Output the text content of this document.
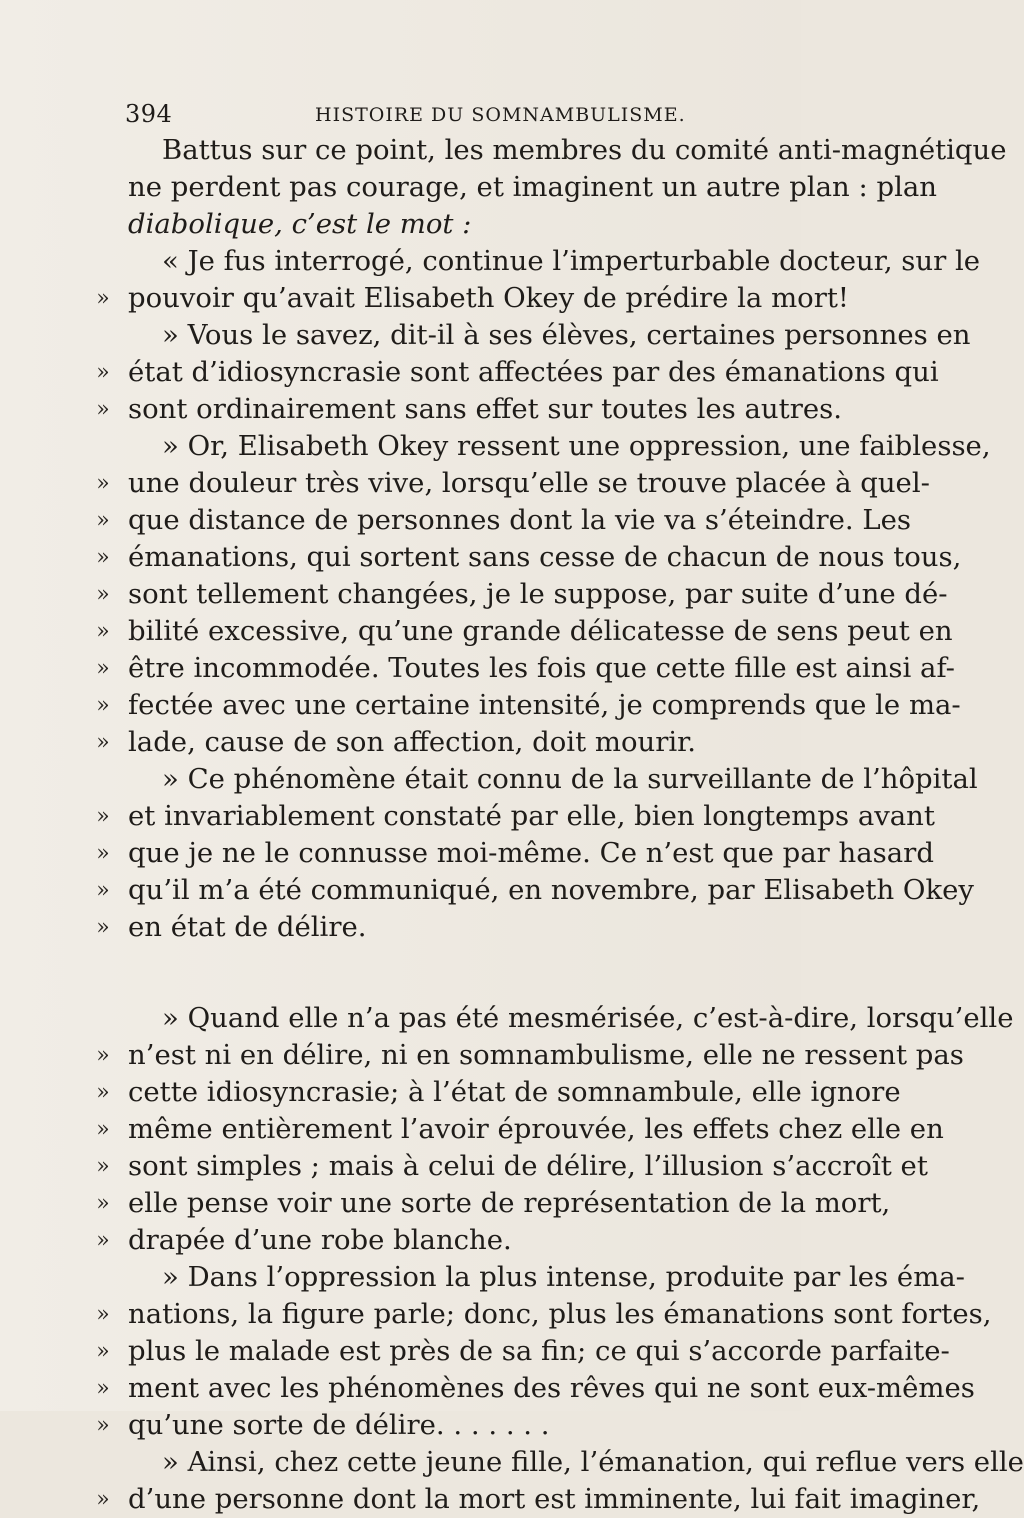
394	HISTOIRE DU SOMNAMBULISME.
Battus sur ce point, les membres du comité anti-magnétique
ne perdent pas courage, et imaginent un autre plan : plan
diabolique, c’est le mot :
« Je fus interrogé, continue l’imperturbable docteur, sur le
» pouvoir qu’avait Elisabeth Okey de prédire la mort!
» Vous le savez, dit-il à ses élèves, certaines personnes en
» état d’idiosyncrasie sont affectées par des émanations qui
» sont ordinairement sans effet sur toutes les autres.
» Or, Elisabeth Okey ressent une oppression, une faiblesse,
» une douleur très vive, lorsqu’elle se trouve placée à quel-
» que distance de personnes dont la vie va s’éteindre. Les
» émanations, qui sortent sans cesse de chacun de nous tous,
» sont tellement changées, je le suppose, par suite d’une dé-
» bilité excessive, qu’une grande délicatesse de sens peut en
» être incommodée. Toutes les fois que cette fille est ainsi af-
» fectée avec une certaine intensité, je comprends que le ma-
» lade, cause de son affection, doit mourir.
» Ce phénomène était connu de la surveillante de l’hôpital
» et invariablement constaté par elle, bien longtemps avant
» que je ne le connusse moi-même. Ce n’est que par hasard
» qu’il m’a été communiqué, en novembre, par Elisabeth Okey
» en état de délire.
» Quand elle n’a pas été mesmérisée, c’est-à-dire, lorsqu’elle
» n’est ni en délire, ni en somnambulisme, elle ne ressent pas
» cette idiosyncrasie; à l’état de somnambule, elle ignore
» même entièrement l’avoir éprouvée, les effets chez elle en
» sont simples ; mais à celui de délire, l’illusion s’accroît et
» elle pense voir une sorte de représentation de la mort,
» drapée d’une robe blanche.
» Dans l’oppression la plus intense, produite par les éma-
» nations, la figure parle; donc, plus les émanations sont fortes,
» plus le malade est près de sa fin; ce qui s’accorde parfaite-
» ment avec les phénomènes des rêves qui ne sont eux-mêmes
» qu’une sorte de délire. . . . . . .
» Ainsi, chez cette jeune fille, l’émanation, qui reflue vers elle
» d’une personne dont la mort est imminente, lui fait imaginer,
